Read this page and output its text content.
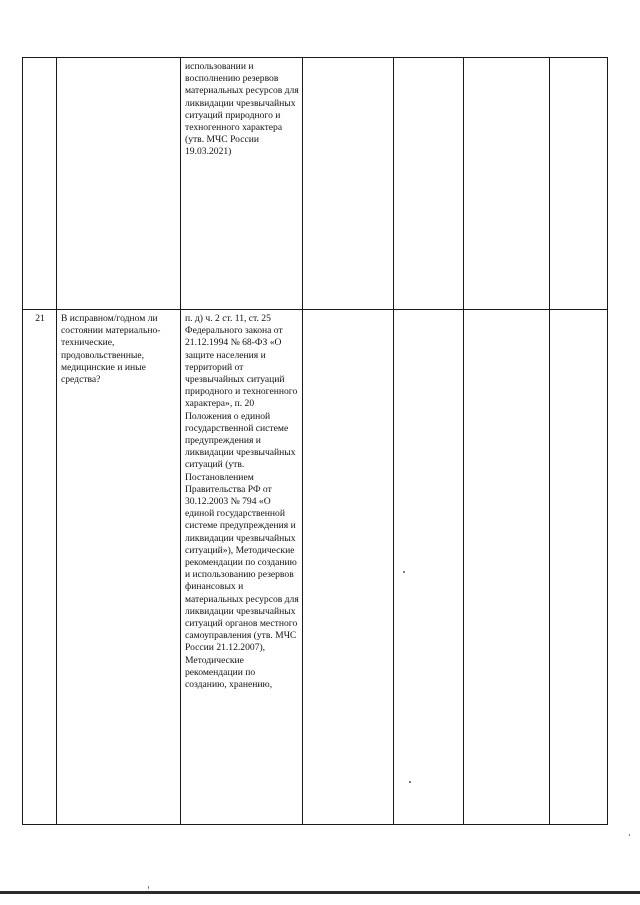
		использовании и восполнению резервов материальных ресурсов для ликвидации чрезвычайных ситуаций природного и техногенного характера (утв. МЧС России 19.03.2021)				
21	В исправном/годном ли состоянии материально-технические, продовольственные, медицинские и иные средства?	п. д) ч. 2 ст. 11, ст. 25 Федерального закона от 21.12.1994 № 68-ФЗ «О защите населения и территорий от чрезвычайных ситуаций природного и техногенного характера», п. 20 Положения о единой государственной системе предупреждения и ликвидации чрезвычайных ситуаций (утв. Постановлением Правительства РФ от 30.12.2003 № 794 «О единой государственной системе предупреждения и ликвидации чрезвычайных ситуаций»), Методические рекомендации по созданию и использованию резервов финансовых и материальных ресурсов для ликвидации чрезвычайных ситуаций органов местного самоуправления (утв. МЧС России 21.12.2007), Методические рекомендации по созданию, хранению,				
